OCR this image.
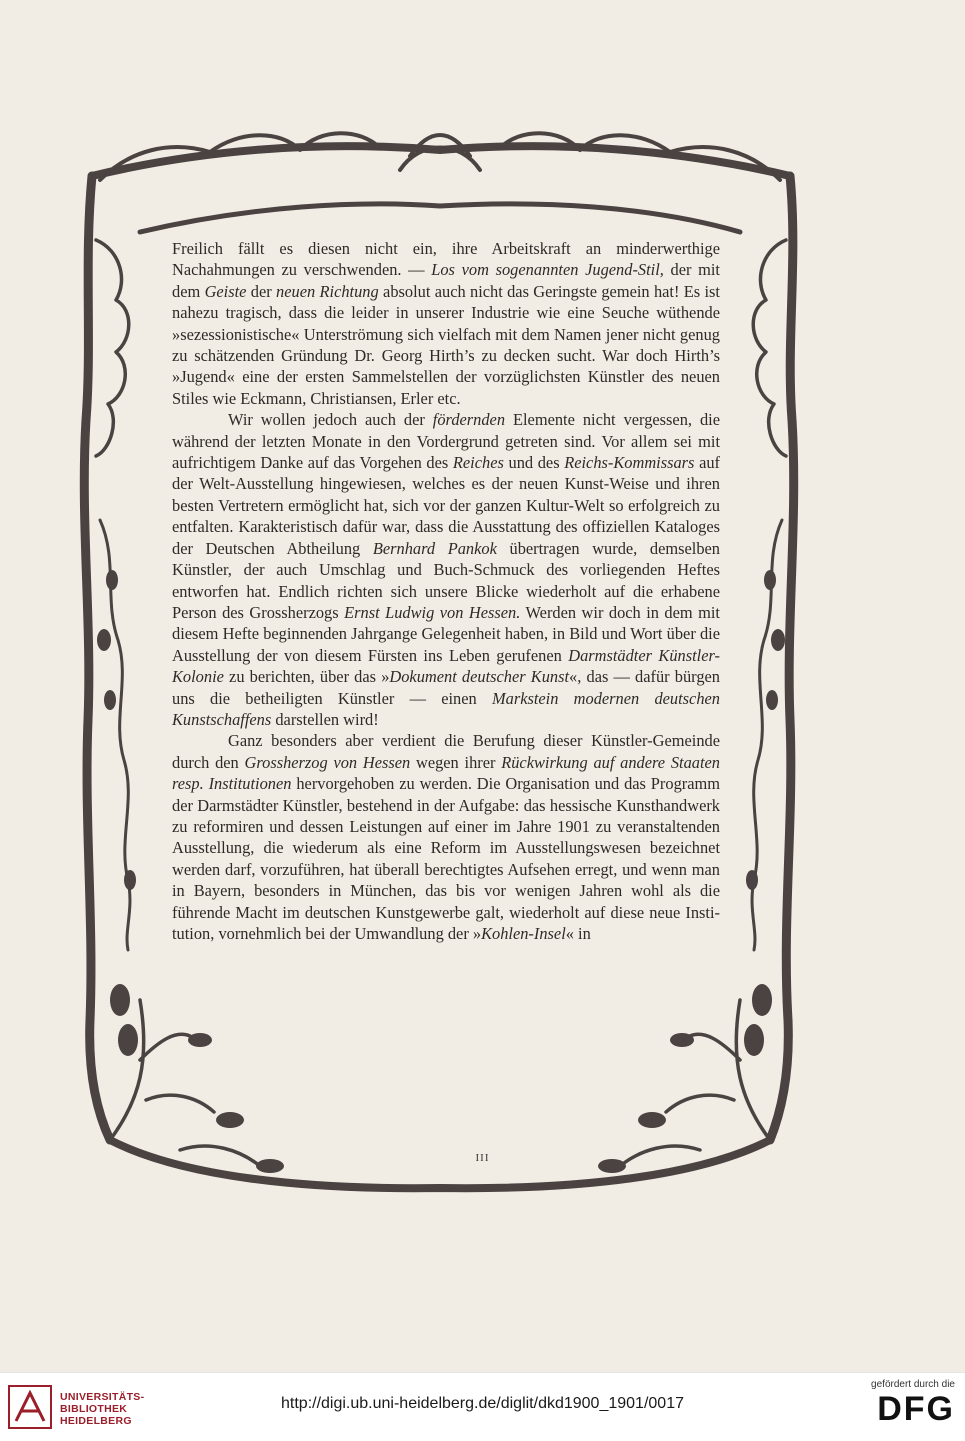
Freilich fällt es diesen nicht ein, ihre Arbeitskraft an minderwerthige Nachahmungen zu verschwenden. — Los vom sogenannten Jugend-Stil, der mit dem Geiste der neuen Richtung absolut auch nicht das Geringste gemein hat! Es ist nahezu tragisch, dass die leider in unserer Industrie wie eine Seuche wüthende »sezessionistische« Unterströmung sich vielfach mit dem Namen jener nicht genug zu schätzenden Gründung Dr. Georg Hirth’s zu decken sucht. War doch Hirth’s »Jugend« eine der ersten Sammelstellen der vorzüglichsten Künstler des neuen Stiles wie Eckmann, Christiansen, Erler etc.

Wir wollen jedoch auch der fördernden Elemente nicht vergessen, die während der letzten Monate in den Vordergrund getreten sind. Vor allem sei mit aufrichtigem Danke auf das Vorgehen des Reiches und des Reichs-Kommissars auf der Welt-Ausstellung hingewiesen, welches es der neuen Kunst-Weise und ihren besten Vertretern ermöglicht hat, sich vor der ganzen Kultur-Welt so erfolgreich zu entfalten. Karakteristisch dafür war, dass die Ausstattung des offiziellen Kataloges der Deutschen Abtheilung Bernhard Pankok übertragen wurde, demselben Künstler, der auch Umschlag und Buch-Schmuck des vorliegenden Heftes entworfen hat. Endlich richten sich unsere Blicke wiederholt auf die erhabene Person des Grossherzogs Ernst Ludwig von Hessen. Werden wir doch in dem mit diesem Hefte beginnenden Jahrgange Gelegenheit haben, in Bild und Wort über die Ausstellung der von diesem Fürsten ins Leben gerufenen Darmstädter Künstler-Kolonie zu berichten, über das »Dokument deutscher Kunst«, das — dafür bürgen uns die betheiligten Künstler — einen Markstein modernen deutschen Kunstschaffens darstellen wird!

Ganz besonders aber verdient die Berufung dieser Künstler-Gemeinde durch den Grossherzog von Hessen wegen ihrer Rückwirkung auf andere Staaten resp. Institutionen hervorgehoben zu werden. Die Organisation und das Programm der Darmstädter Künstler, bestehend in der Aufgabe: das hessische Kunsthandwerk zu reformiren und dessen Leistungen auf einer im Jahre 1901 zu veranstaltenden Ausstellung, die wiederum als eine Reform im Ausstellungswesen bezeichnet werden darf, vorzuführen, hat überall berechtigtes Aufsehen erregt, und wenn man in Bayern, besonders in München, das bis vor wenigen Jahren wohl als die führende Macht im deutschen Kunstgewerbe galt, wiederholt auf diese neue Institution, vornehmlich bei der Umwandlung der »Kohlen-Insel« in

III
UNIVERSITÄTS-
BIBLIOTHEK
HEIDELBERG
http://digi.ub.uni-heidelberg.de/diglit/dkd1900_1901/0017
gefördert durch die
DFG
